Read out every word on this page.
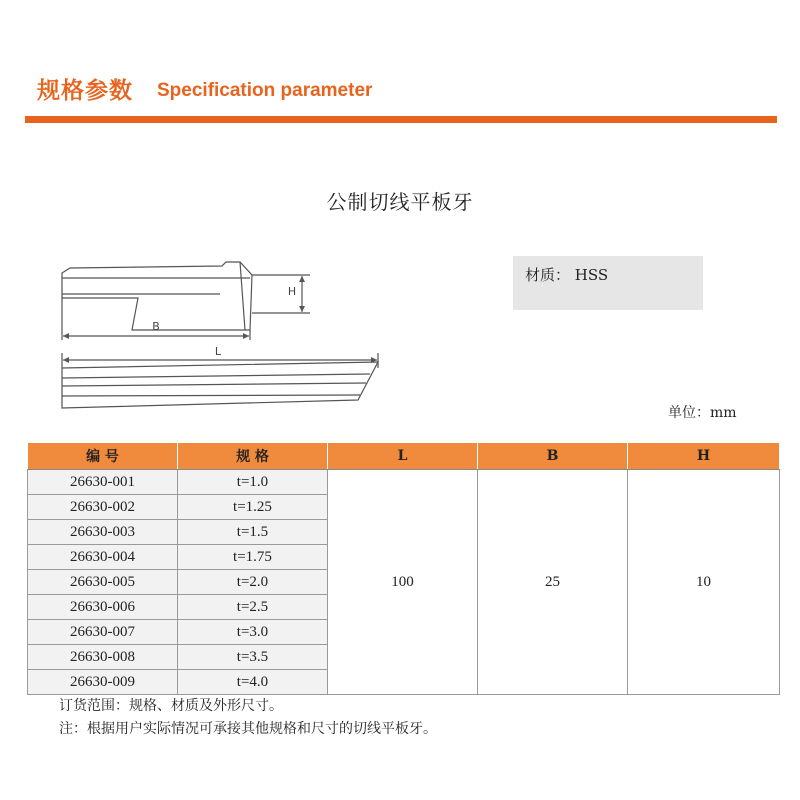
规格参数 Specification parameter
公制切线平板牙
H
B
L
材质： HSS
单位：mm
编 号	规 格	L	B	H
26630-001	t=1.0	100	25	10
26630-002	t=1.25			
26630-003	t=1.5			
26630-004	t=1.75			
26630-005	t=2.0			
26630-006	t=2.5			
26630-007	t=3.0			
26630-008	t=3.5			
26630-009	t=4.0			
订货范围：规格、材质及外形尺寸。
注：根据用户实际情况可承接其他规格和尺寸的切线平板牙。
